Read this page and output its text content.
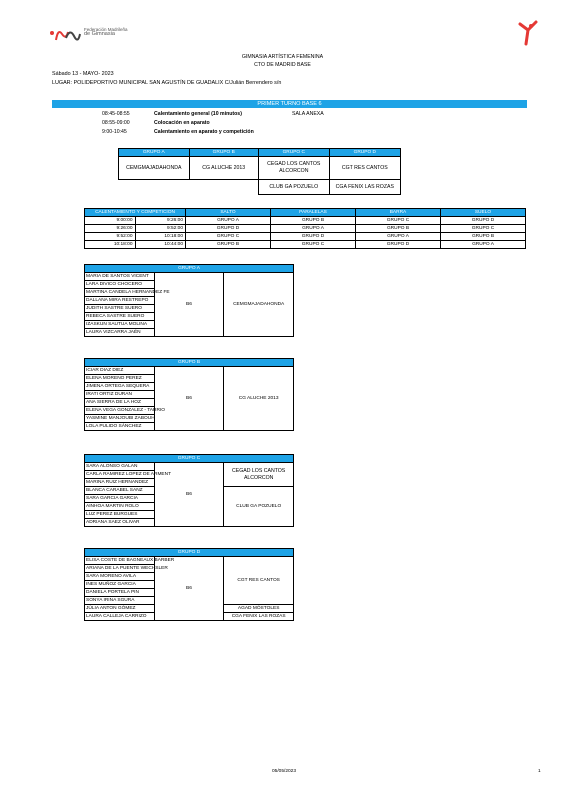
Federación Madrileña
de Gimnasia
GIMNASIA ARTÍSTICA FEMENINA
CTO DE MADRID BASE
Sábado 13 - MAYO- 2023
LUGAR: POLIDEPORTIVO MUNICIPAL SAN AGUSTÍN DE GUADALIX C/Julián Berrendero s/n
PRIMER TURNO BASE 6
08:45-08:55	Calentamiento general (10 minutos)	SALA ANEXA
08:55-09:00	Colocación en aparato
9:00-10:45	Calentamiento en aparato y competición
GRUPO A	GRUPO B	GRUPO C	GRUPO D
CEMGMAJADAHONDA	CG ALUCHE 2013	CEGAD LOS CANTOS ALCORCON	CGT RES CANTOS
		CLUB GA POZUELO	CGA FENIX LAS ROZAS
CALENTAMIENTO Y COMPETICION		SALTO	PARALELAS	BARRA	SUELO
9:00:00	9:26:00	GRUPO A	GRUPO B	GRUPO C	GRUPO D
9:26:00	9:52:00	GRUPO D	GRUPO A	GRUPO B	GRUPO C
9:52:00	10:18:00	GRUPO C	GRUPO D	GRUPO A	GRUPO B
10:18:00	10:44:00	GRUPO B	GRUPO C	GRUPO D	GRUPO A
GRUPO A
MARIA DE SANTOS VICENT	B6	CEMGMAJADAHONDA
LARA DIVICO CHOCERO
MARTINA CANDELA HERNANDEZ FE
DALLANA MIRA RESTREPO
JUDITH SASTRE SUERO
REBECA SASTRE SUERO
IZASKUN SAUTUA MOLINA
LAURA VIZCARRA JAÉN
GRUPO B
ICIAR DIAZ DIEZ	B6	CG ALUCHE 2013
ELENA MORENO PEREZ
JIMENA ORTEGA SEQUERA
IRATI ORTIZ DURAN
ANA SIERRA DE LA HOZ
ELENA VEGA GONZALEZ - TARRIO
YASMINE MANJOUBI ZABOUH
LOLA PULIDO SÁNCHEZ
GRUPO C		
SARA ALONSO GALAN	B6	CEGAD LOS CANTOS ALCORCON
CARLA RAMIREZ LOPEZ DE ARMENT		
MARINA RUIZ HERNANDEZ		
BLANCA CARABEL SANZ		CLUB GA POZUELO
SARA GARCIA GARCIA		
AINHOA MARTIN ROLO		
LUZ PEREZ BURGUES		
ADRIANA SAEZ OLIVAR		
GRUPO D		
ELISA COSTE DE BAGNEAUX BARBER	B6	CGT RES CANTOS
ARIANA DE LA PUENTE WECHSLER		
SARA MORENO AVILA		
INES MUÑOZ GARCIA		
DANIELA PORTELA PIN		
SONYA IRINA SGURA		
JÚLIA ANTON GÓMEZ		AGAD MÓSTOLES
LAURA CALLEJA CARRIZO		CGA FENIX LAS ROZAS
05/05/2023	1
